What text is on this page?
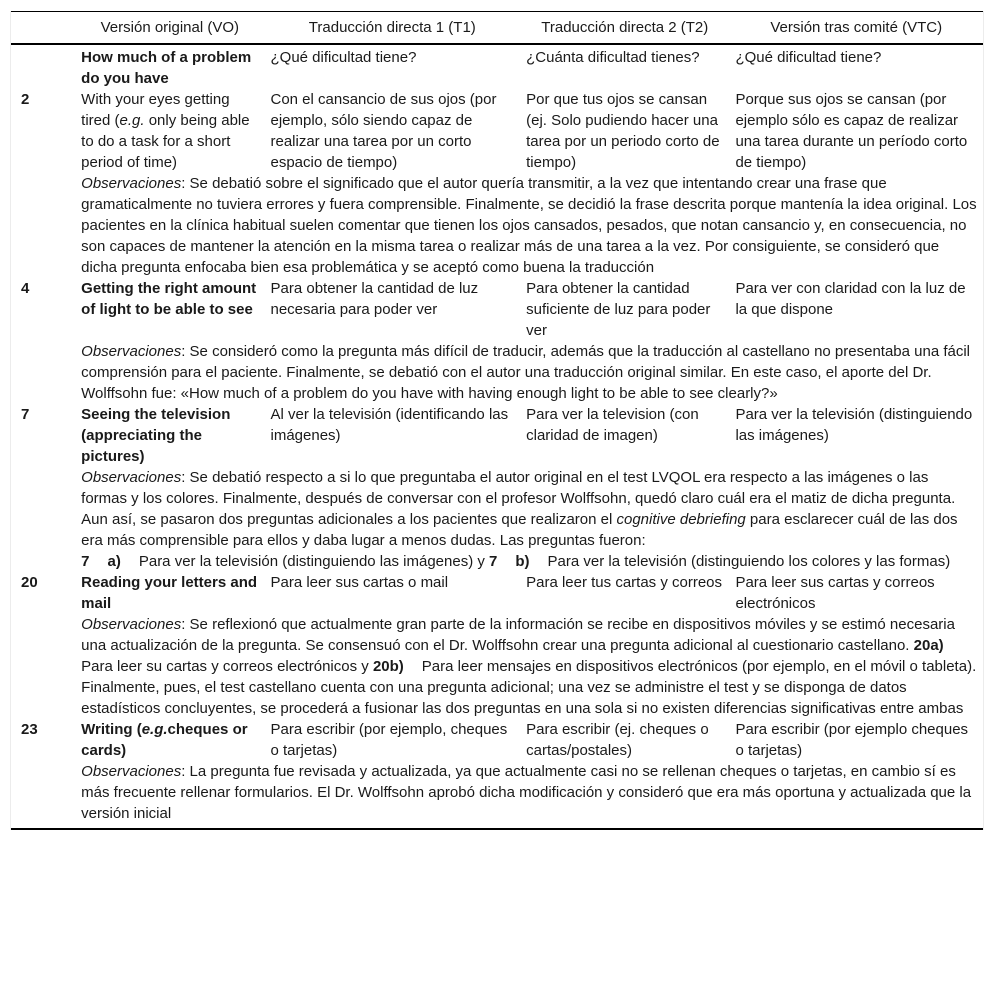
	Versión original (VO)	Traducción directa 1 (T1)	Traducción directa 2 (T2)	Versión tras comité (VTC)
	How much of a problem do you have	¿Qué dificultad tiene?	¿Cuánta dificultad tienes?	¿Qué dificultad tiene?
2	With your eyes getting tired (e.g. only being able to do a task for a short period of time)	Con el cansancio de sus ojos (por ejemplo, sólo siendo capaz de realizar una tarea por un corto espacio de tiempo)	Por que tus ojos se cansan (ej. Solo pudiendo hacer una tarea por un periodo corto de tiempo)	Porque sus ojos se cansan (por ejemplo sólo es capaz de realizar una tarea durante un período corto de tiempo)
	Observaciones: Se debatió sobre el significado que el autor quería transmitir, a la vez que intentando crear una frase que gramaticalmente no tuviera errores y fuera comprensible. Finalmente, se decidió la frase descrita porque mantenía la idea original. Los pacientes en la clínica habitual suelen comentar que tienen los ojos cansados, pesados, que notan cansancio y, en consecuencia, no son capaces de mantener la atención en la misma tarea o realizar más de una tarea a la vez. Por consiguiente, se consideró que dicha pregunta enfocaba bien esa problemática y se aceptó como buena la traducción			
4	Getting the right amount of light to be able to see	Para obtener la cantidad de luz necesaria para poder ver	Para obtener la cantidad suficiente de luz para poder ver	Para ver con claridad con la luz de la que dispone
	Observaciones: Se consideró como la pregunta más difícil de traducir, además que la traducción al castellano no presentaba una fácil comprensión para el paciente. Finalmente, se debatió con el autor una traducción original similar. En este caso, el aporte del Dr. Wolffsohn fue: «How much of a problem do you have with having enough light to be able to see clearly?»			
7	Seeing the television (appreciating the pictures)	Al ver la televisión (identificando las imágenes)	Para ver la television (con claridad de imagen)	Para ver la televisión (distinguiendo las imágenes)
	Observaciones: Se debatió respecto a si lo que preguntaba el autor original en el test LVQOL era respecto a las imágenes o las formas y los colores. Finalmente, después de conversar con el profesor Wolffsohn, quedó claro cuál era el matiz de dicha pregunta. Aun así, se pasaron dos preguntas adicionales a los pacientes que realizaron el cognitive debriefing para esclarecer cuál de las dos era más comprensible para ellos y daba lugar a menos dudas. Las preguntas fueron:
7 a) Para ver la televisión (distinguiendo las imágenes) y 7 b) Para ver la televisión (distinguiendo los colores y las formas)			
20	Reading your letters and mail	Para leer sus cartas o mail	Para leer tus cartas y correos	Para leer sus cartas y correos electrónicos
	Observaciones: Se reflexionó que actualmente gran parte de la información se recibe en dispositivos móviles y se estimó necesaria una actualización de la pregunta. Se consensuó con el Dr. Wolffsohn crear una pregunta adicional al cuestionario castellano. 20a)Para leer su cartas y correos electrónicos y 20b) Para leer mensajes en dispositivos electrónicos (por ejemplo, en el móvil o tableta). Finalmente, pues, el test castellano cuenta con una pregunta adicional; una vez se administre el test y se disponga de datos estadísticos concluyentes, se procederá a fusionar las dos preguntas en una sola si no existen diferencias significativas entre ambas			
23	Writing (e.g.cheques or cards)	Para escribir (por ejemplo, cheques o tarjetas)	Para escribir (ej. cheques o cartas/postales)	Para escribir (por ejemplo cheques o tarjetas)
	Observaciones: La pregunta fue revisada y actualizada, ya que actualmente casi no se rellenan cheques o tarjetas, en cambio sí es más frecuente rellenar formularios. El Dr. Wolffsohn aprobó dicha modificación y consideró que era más oportuna y actualizada que la versión inicial			
